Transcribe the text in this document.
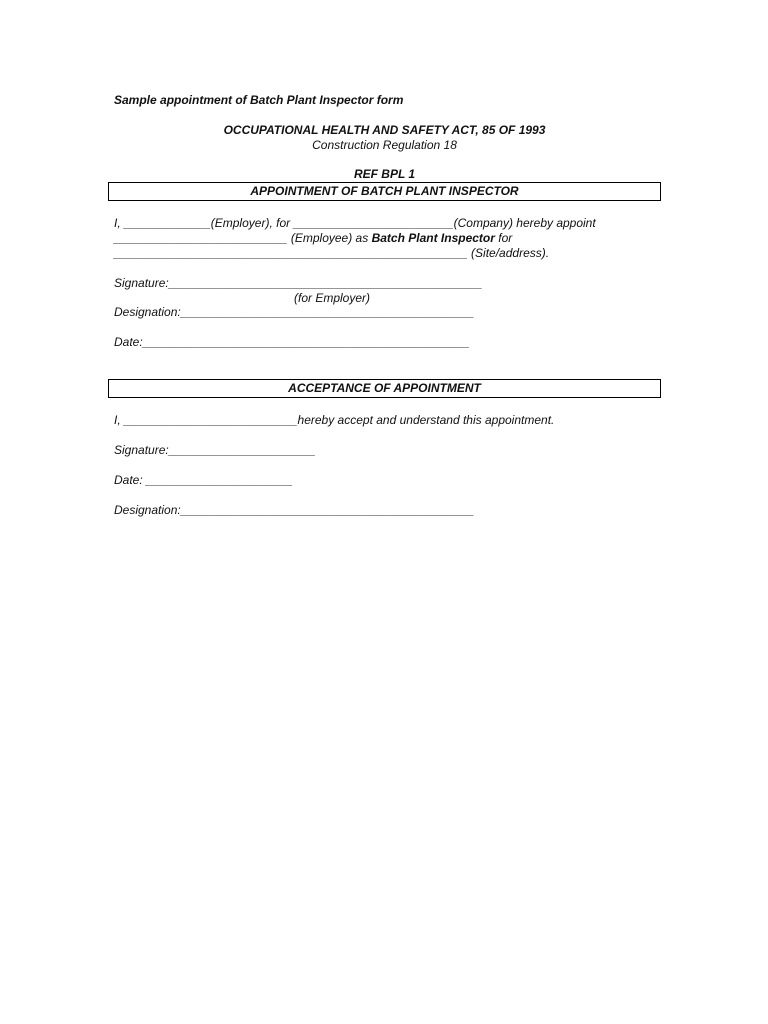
Sample appointment of Batch Plant Inspector form
OCCUPATIONAL HEALTH AND SAFETY ACT, 85 OF 1993
Construction Regulation 18
REF BPL 1
APPOINTMENT OF BATCH PLANT INSPECTOR
I, _____________(Employer), for ________________________(Company) hereby appoint
__________________________ (Employee) as Batch Plant Inspector for
_____________________________________________________ (Site/address).
Signature:_______________________________________________
(for Employer)
Designation:____________________________________________
Date:_________________________________________________
ACCEPTANCE OF APPOINTMENT
I, __________________________hereby accept and understand this appointment.
Signature:______________________
Date: ______________________
Designation:____________________________________________
